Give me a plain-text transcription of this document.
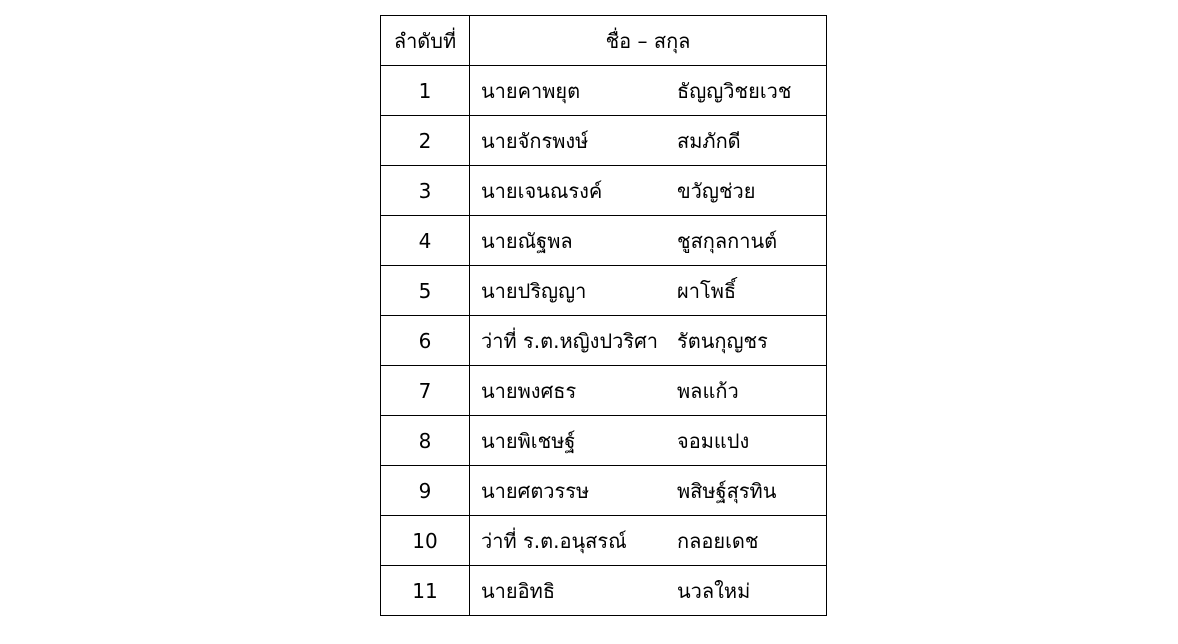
ลำดับที่	ชื่อ – สกุล
1	นายคาพยุต	ธัญญวิชยเวช
2	นายจักรพงษ์	สมภักดี
3	นายเจนณรงค์	ขวัญช่วย
4	นายณัฐพล	ชูสกุลกานต์
5	นายปริญญา	ผาโพธิ์
6	ว่าที่ ร.ต.หญิงปวริศา รัตนกุญชร
7	นายพงศธร	พลแก้ว
8	นายพิเชษฐ์	จอมแปง
9	นายศตวรรษ	พสิษฐ์สุรทิน
10	ว่าที่ ร.ต.อนุสรณ์	กลอยเดช
11	นายอิทธิ	นวลใหม่
